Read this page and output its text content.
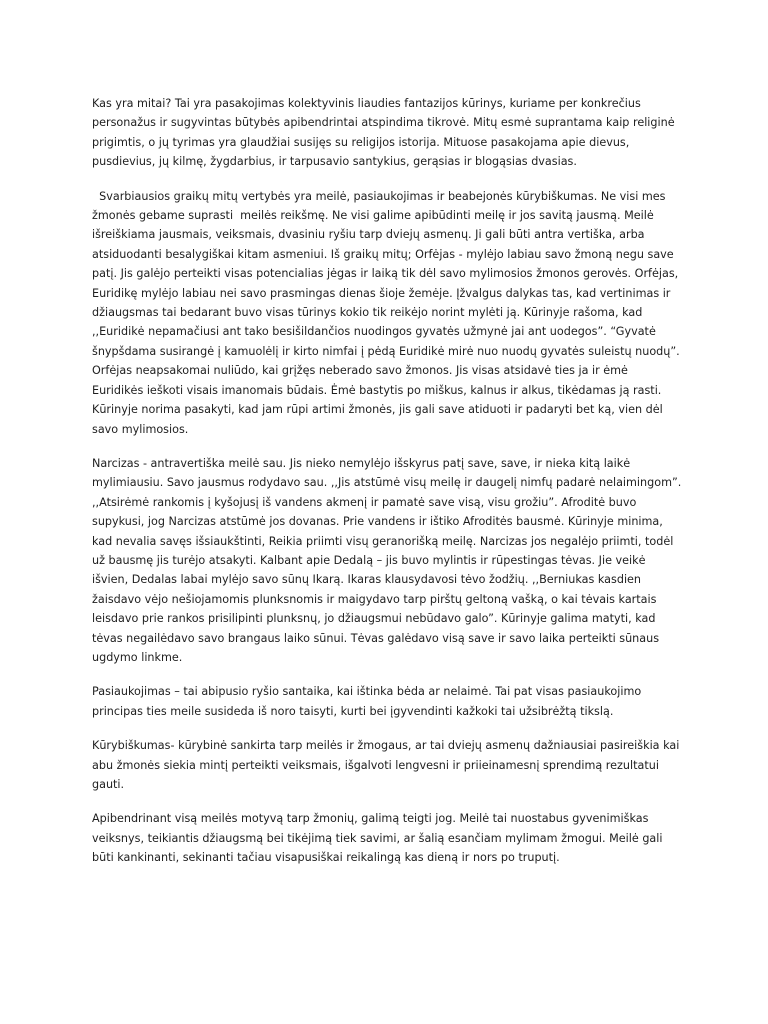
Kas yra mitai? Tai yra pasakojimas kolektyvinis liaudies fantazijos kūrinys, kuriame per konkrečius personažus ir sugyvintas būtybės apibendrintai atspindima tikrovė. Mitų esmė suprantama kaip religinė prigimtis, o jų tyrimas yra glaudžiai susijęs su religijos istorija. Mituose pasakojama apie dievus, pusdievius, jų kilmę, žygdarbius, ir tarpusavio santykius, gerąsias ir blogąsias dvasias.

Svarbiausios graikų mitų vertybės yra meilė, pasiaukojimas ir beabejonės kūrybiškumas. Ne visi mes žmonės gebame suprasti  meilės reikšmę. Ne visi galime apibūdinti meilę ir jos savitą jausmą. Meilė išreiškiama jausmais, veiksmais, dvasiniu ryšiu tarp dviejų asmenų. Ji gali būti antra vertiška, arba atsiduodanti besalygiškai kitam asmeniui. Iš graikų mitų; Orfėjas - mylėjo labiau savo žmoną negu save patį. Jis galėjo perteikti visas potencialias jėgas ir laiką tik dėl savo mylimosios žmonos gerovės. Orfėjas, Euridikę mylėjo labiau nei savo prasmingas dienas šioje žemėje. Įžvalgus dalykas tas, kad vertinimas ir džiaugsmas tai bedarant buvo visas tūrinys kokio tik reikėjo norint mylėti ją. Kūrinyje rašoma, kad ,,Euridikė nepamačiusi ant tako besišildančios nuodingos gyvatės užmynė jai ant uodegos”. “Gyvatė šnypšdama susirangė į kamuolėlį ir kirto nimfai į pėdą Euridikė mirė nuo nuodų gyvatės suleistų nuodų”. Orfėjas neapsakomai nuliūdo, kai grįžęs neberado savo žmonos. Jis visas atsidavė ties ja ir ėmė Euridikės ieškoti visais imanomais būdais. Ėmė bastytis po miškus, kalnus ir alkus, tikėdamas ją rasti. Kūrinyje norima pasakyti, kad jam rūpi artimi žmonės, jis gali save atiduoti ir padaryti bet ką, vien dėl savo mylimosios.

Narcizas - antravertiška meilė sau. Jis nieko nemylėjo išskyrus patį save, save, ir nieka kitą laikė mylimiausiu. Savo jausmus rodydavo sau. ,,Jis atstūmė visų meilę ir daugelį nimfų padarė nelaimingom”. ,,Atsirėmė rankomis į kyšojusį iš vandens akmenį ir pamatė save visą, visu grožiu”. Afroditė buvo supykusi, jog Narcizas atstūmė jos dovanas. Prie vandens ir ištiko Afroditės bausmė. Kūrinyje minima, kad nevalia savęs išsiaukštinti, Reikia priimti visų geranorišką meilę. Narcizas jos negalėjo priimti, todėl už bausmę jis turėjo atsakyti. Kalbant apie Dedalą – jis buvo mylintis ir rūpestingas tėvas. Jie veikė išvien, Dedalas labai mylėjo savo sūnų Ikarą. Ikaras klausydavosi tėvo žodžių. ,,Berniukas kasdien žaisdavo vėjo nešiojamomis plunksnomis ir maigydavo tarp pirštų geltoną vašką, o kai tėvais kartais leisdavo prie rankos prisilipinti plunksnų, jo džiaugsmui nebūdavo galo”. Kūrinyje galima matyti, kad tėvas negailėdavo savo brangaus laiko sūnui. Tėvas galėdavo visą save ir savo laika perteikti sūnaus ugdymo linkme.

Pasiaukojimas – tai abipusio ryšio santaika, kai ištinka bėda ar nelaimė. Tai pat visas pasiaukojimo principas ties meile susideda iš noro taisyti, kurti bei įgyvendinti kažkoki tai užsibrėžtą tikslą.

Kūrybiškumas- kūrybinė sankirta tarp meilės ir žmogaus, ar tai dviejų asmenų dažniausiai pasireiškia kai abu žmonės siekia mintį perteikti veiksmais, išgalvoti lengvesni ir priieinamesnį sprendimą rezultatui gauti.

Apibendrinant visą meilės motyvą tarp žmonių, galimą teigti jog. Meilė tai nuostabus gyvenimiškas veiksnys, teikiantis džiaugsmą bei tikėjimą tiek savimi, ar šalią esančiam mylimam žmogui. Meilė gali būti kankinanti, sekinanti tačiau visapusiškai reikalingą kas dieną ir nors po truputį.
